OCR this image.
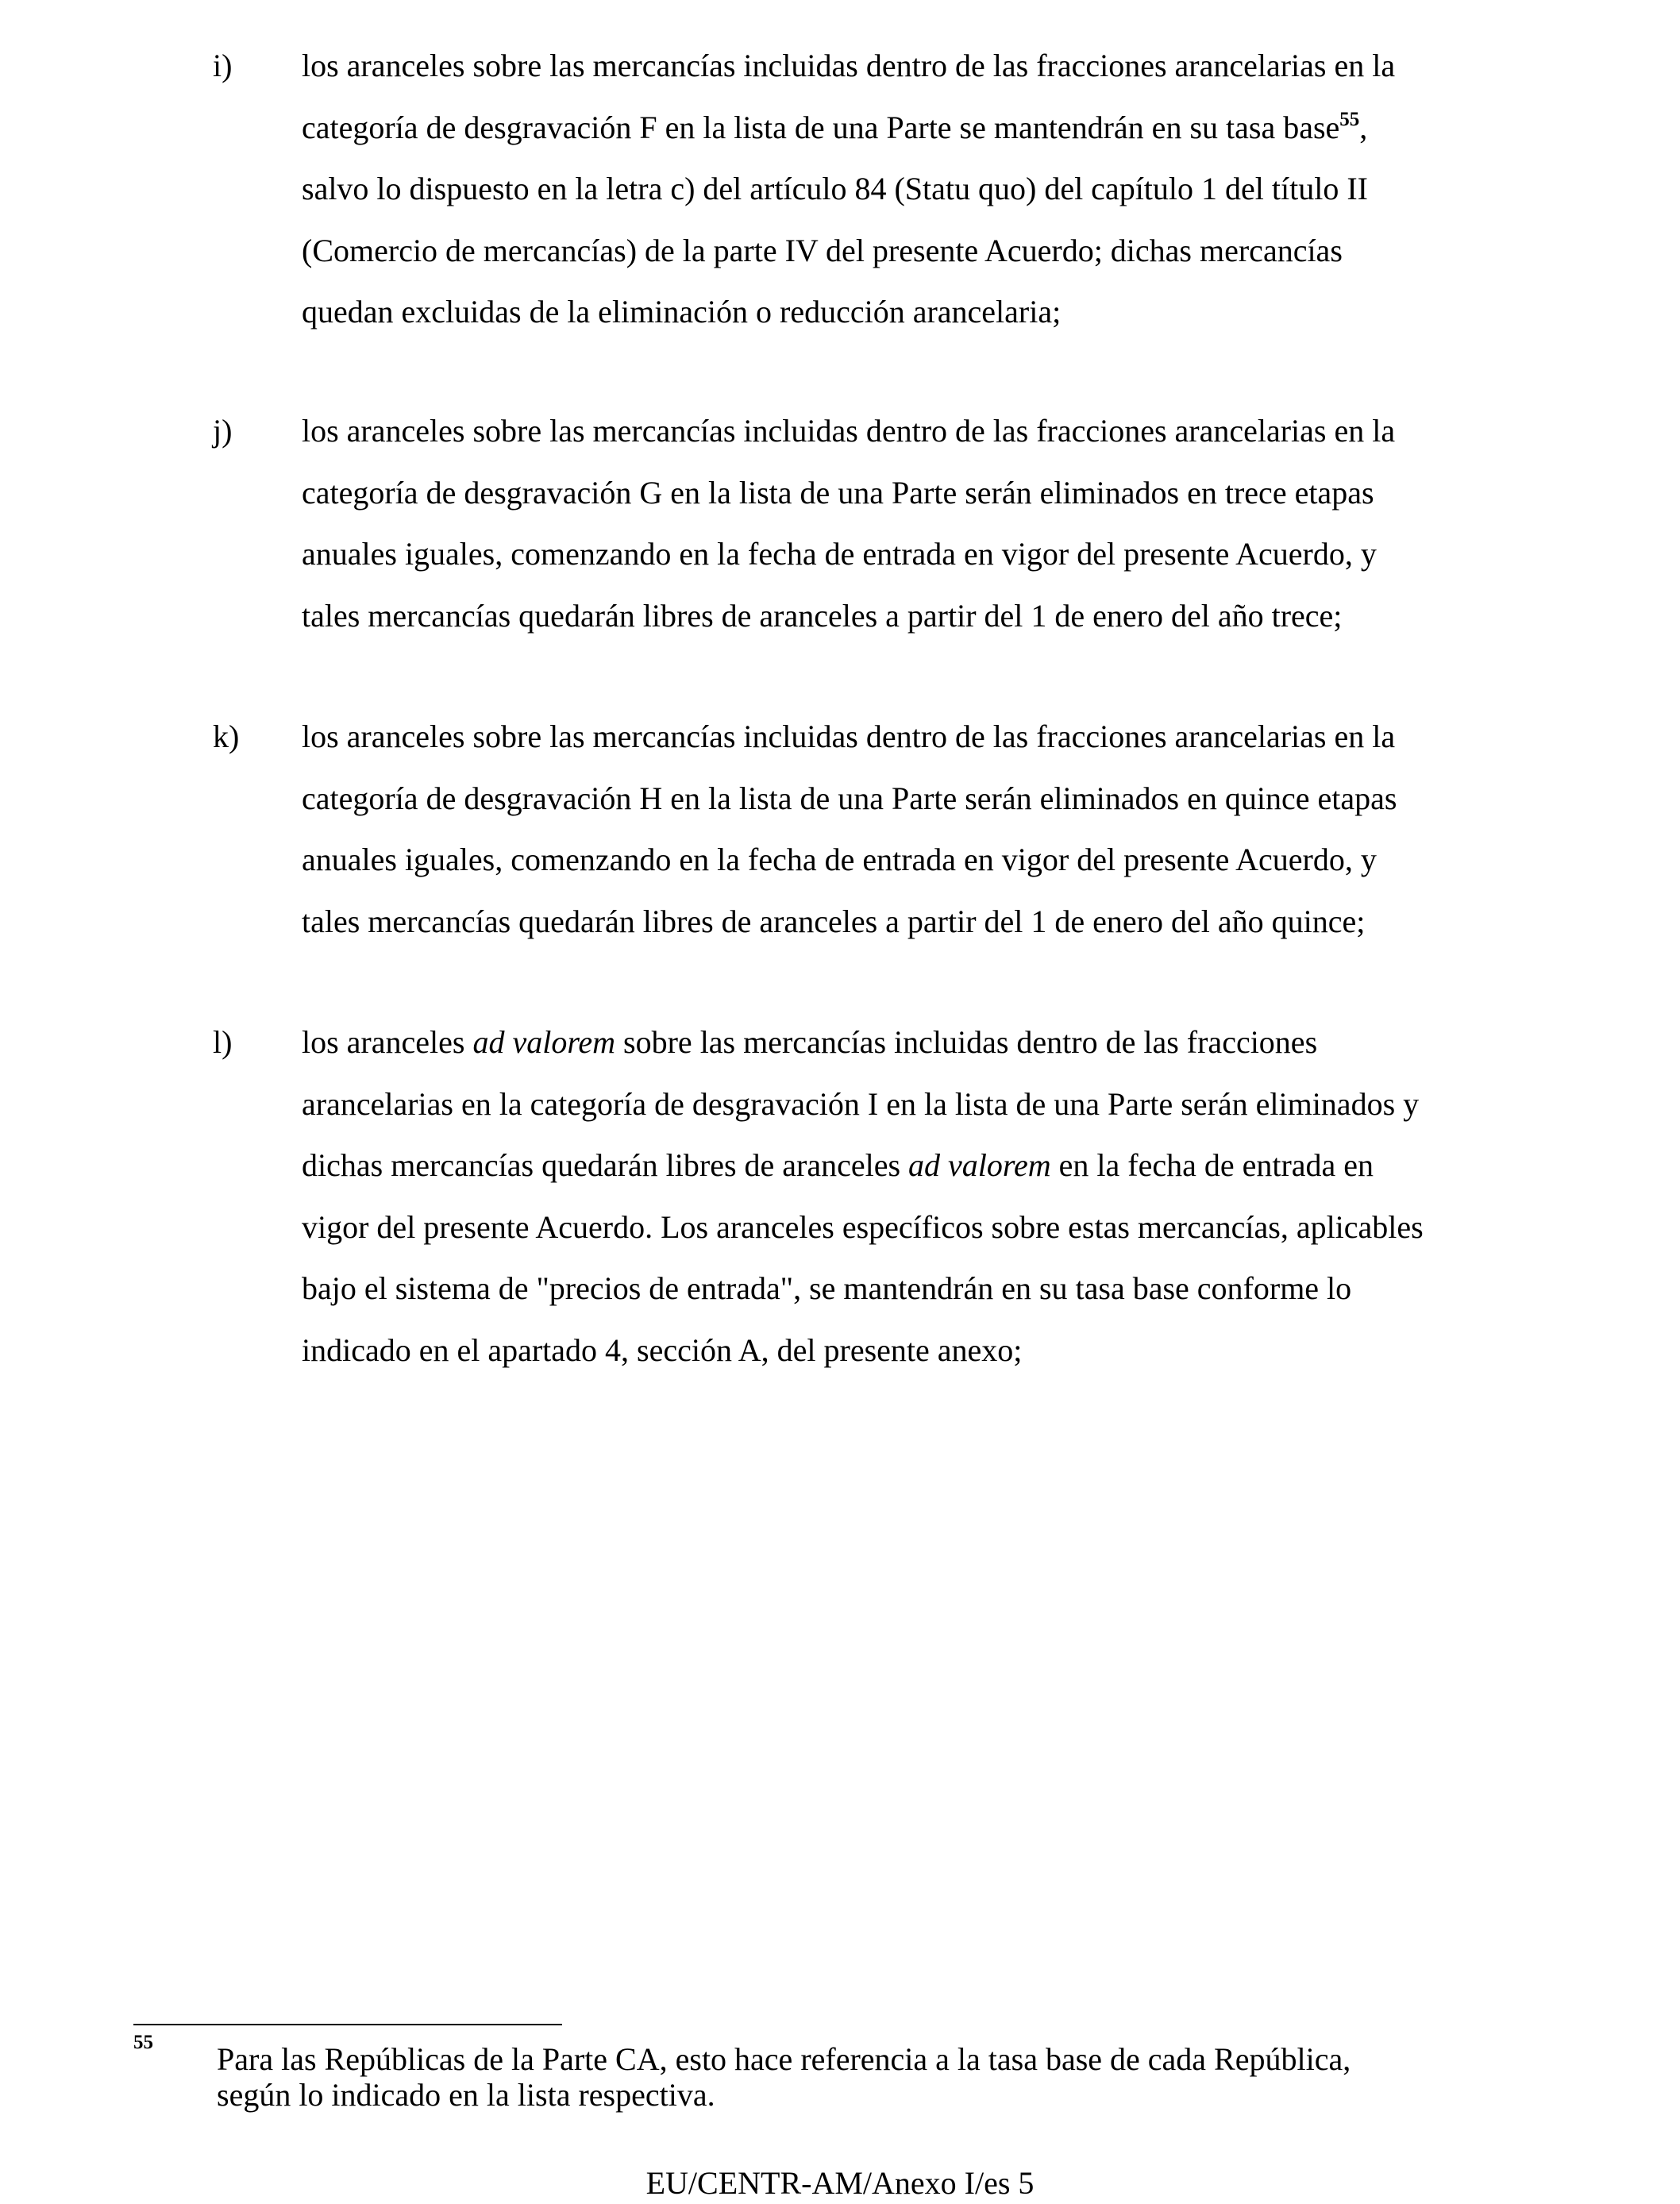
i) los aranceles sobre las mercancías incluidas dentro de las fracciones arancelarias en la
categoría de desgravación F en la lista de una Parte se mantendrán en su tasa base$^{55}$,
salvo lo dispuesto en la letra c) del artículo 84 (Statu quo) del capítulo 1 del título II
(Comercio de mercancías) de la parte IV del presente Acuerdo; dichas mercancías
quedan excluidas de la eliminación o reducción arancelaria;
j) los aranceles sobre las mercancías incluidas dentro de las fracciones arancelarias en la
categoría de desgravación G en la lista de una Parte serán eliminados en trece etapas
anuales iguales, comenzando en la fecha de entrada en vigor del presente Acuerdo, y
tales mercancías quedarán libres de aranceles a partir del 1 de enero del año trece;
k) los aranceles sobre las mercancías incluidas dentro de las fracciones arancelarias en la
categoría de desgravación H en la lista de una Parte serán eliminados en quince etapas
anuales iguales, comenzando en la fecha de entrada en vigor del presente Acuerdo, y
tales mercancías quedarán libres de aranceles a partir del 1 de enero del año quince;
l) los aranceles ad valorem sobre las mercancías incluidas dentro de las fracciones
arancelarias en la categoría de desgravación I en la lista de una Parte serán eliminados y
dichas mercancías quedarán libres de aranceles ad valorem en la fecha de entrada en
vigor del presente Acuerdo. Los aranceles específicos sobre estas mercancías, aplicables
bajo el sistema de "precios de entrada", se mantendrán en su tasa base conforme lo
indicado en el apartado 4, sección A, del presente anexo;
55 Para las Repúblicas de la Parte CA, esto hace referencia a la tasa base de cada República,
según lo indicado en la lista respectiva.
EU/CENTR-AM/Anexo I/es 5
